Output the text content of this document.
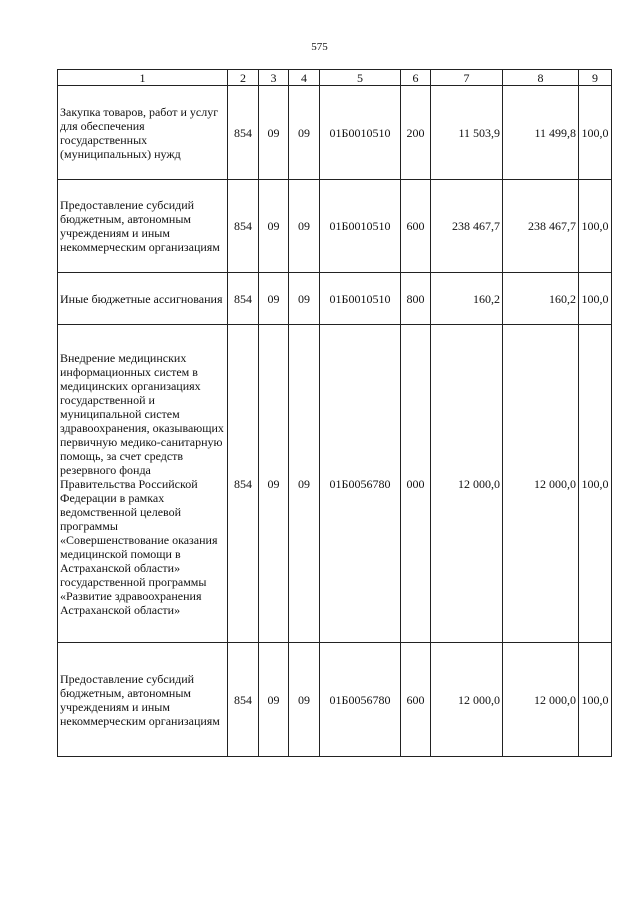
575
1	2	3	4	5	6	7	8	9
Закупка товаров, работ и услуг для обеспечения государственных (муниципальных) нужд	854	09	09	01Б0010510	200	11 503,9	11 499,8	100,0
Предоставление субсидий бюджетным, автономным учреждениям и иным некоммерческим организациям	854	09	09	01Б0010510	600	238 467,7	238 467,7	100,0
Иные бюджетные ассигнования	854	09	09	01Б0010510	800	160,2	160,2	100,0
Внедрение медицинских информационных систем в медицинских организациях государственной и муниципальной систем здравоохранения, оказывающих первичную медико-санитарную помощь, за счет средств резервного фонда Правительства Российской Федерации в рамках ведомственной целевой программы «Совершенствование оказания медицинской помощи в Астраханской области» государственной программы «Развитие здравоохранения Астраханской области»	854	09	09	01Б0056780	000	12 000,0	12 000,0	100,0
Предоставление субсидий бюджетным, автономным учреждениям и иным некоммерческим организациям	854	09	09	01Б0056780	600	12 000,0	12 000,0	100,0
